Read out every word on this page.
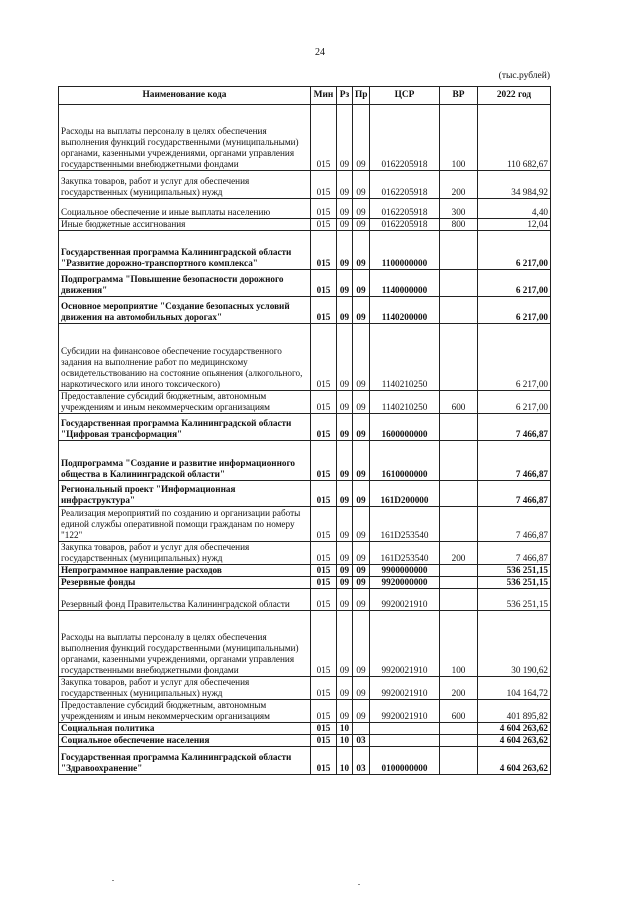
24
(тыс.рублей)
Наименование кода	Мин	Рз	Пр	ЦСР	ВР	2022 год
Расходы на выплаты персоналу в целях обеспечения выполнения функций государственными (муниципальными) органами, казенными учреждениями, органами управления государственными внебюджетными фондами	015	09	09	0162205918	100	110 682,67
Закупка товаров, работ и услуг для обеспечения государственных (муниципальных) нужд	015	09	09	0162205918	200	34 984,92
Социальное обеспечение и иные выплаты населению	015	09	09	0162205918	300	4,40
Иные бюджетные ассигнования	015	09	09	0162205918	800	12,04
Государственная программа Калининградской области "Развитие дорожно-транспортного комплекса"	015	09	09	1100000000		6 217,00
Подпрограмма "Повышение безопасности дорожного движения"	015	09	09	1140000000		6 217,00
Основное мероприятие "Создание безопасных условий движения на автомобильных дорогах"	015	09	09	1140200000		6 217,00
Субсидии на финансовое обеспечение государственного задания на выполнение работ по медицинскому освидетельствованию на состояние опьянения (алкогольного, наркотического или иного токсического)	015	09	09	1140210250		6 217,00
Предоставление субсидий бюджетным, автономным учреждениям и иным некоммерческим организациям	015	09	09	1140210250	600	6 217,00
Государственная программа Калининградской области "Цифровая трансформация"	015	09	09	1600000000		7 466,87
Подпрограмма "Создание и развитие информационного общества в Калининградской области"	015	09	09	1610000000		7 466,87
Региональный проект "Информационная инфраструктура"	015	09	09	161D200000		7 466,87
Реализация мероприятий по созданию и организации работы единой службы оперативной помощи гражданам по номеру "122"	015	09	09	161D253540		7 466,87
Закупка товаров, работ и услуг для обеспечения государственных (муниципальных) нужд	015	09	09	161D253540	200	7 466,87
Непрограммное направление расходов	015	09	09	9900000000		536 251,15
Резервные фонды	015	09	09	9920000000		536 251,15
Резервный фонд Правительства Калининградской области	015	09	09	9920021910		536 251,15
Расходы на выплаты персоналу в целях обеспечения выполнения функций государственными (муниципальными) органами, казенными учреждениями, органами управления государственными внебюджетными фондами	015	09	09	9920021910	100	30 190,62
Закупка товаров, работ и услуг для обеспечения государственных (муниципальных) нужд	015	09	09	9920021910	200	104 164,72
Предоставление субсидий бюджетным, автономным учреждениям и иным некоммерческим организациям	015	09	09	9920021910	600	401 895,82
Социальная политика	015	10				4 604 263,62
Социальное обеспечение населения	015	10	03			4 604 263,62
Государственная программа Калининградской области "Здравоохранение"	015	10	03	0100000000		4 604 263,62
